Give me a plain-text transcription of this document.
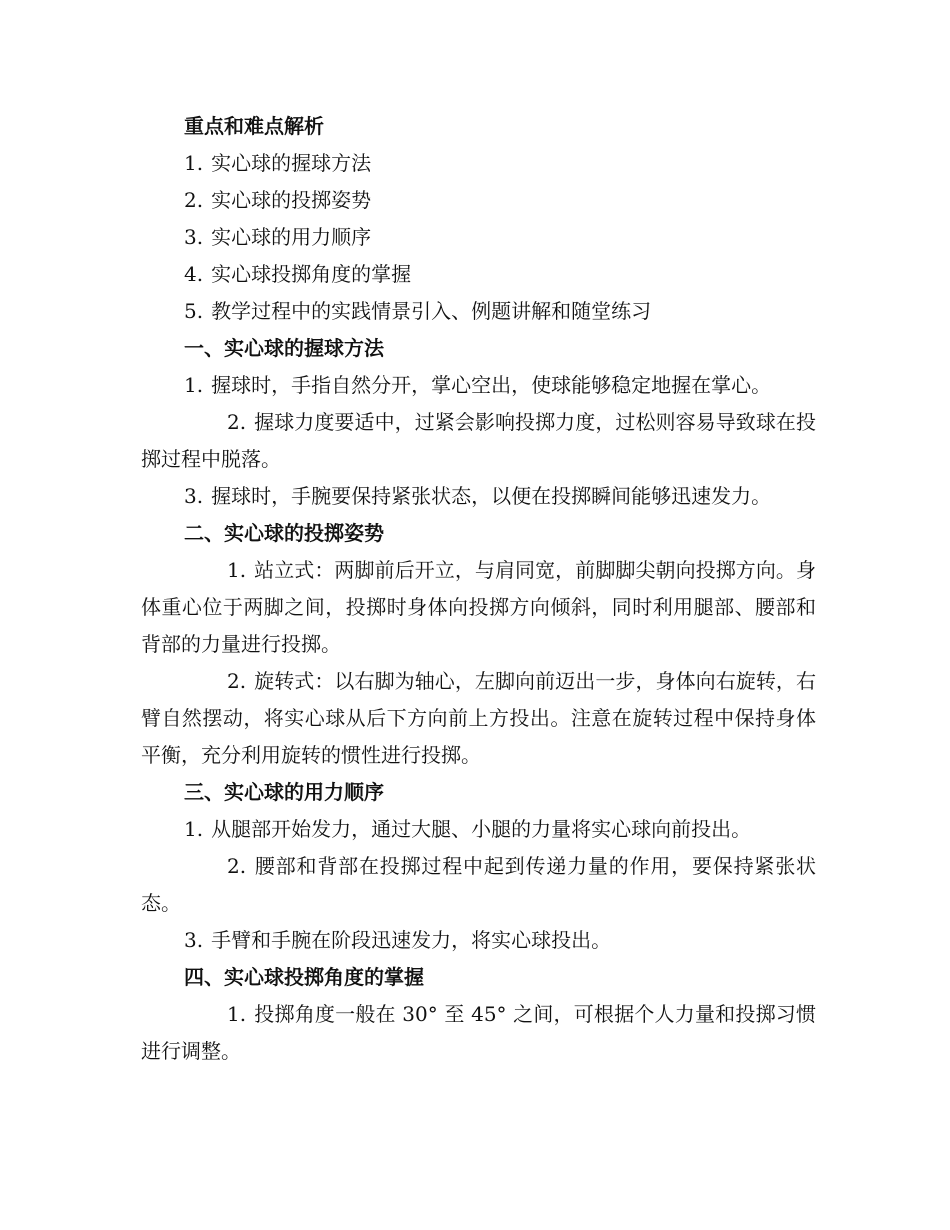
重点和难点解析

1. 实心球的握球方法

2. 实心球的投掷姿势

3. 实心球的用力顺序

4. 实心球投掷角度的掌握

5. 教学过程中的实践情景引入、例题讲解和随堂练习

一、实心球的握球方法

1. 握球时，手指自然分开，掌心空出，使球能够稳定地握在掌心。

2. 握球力度要适中，过紧会影响投掷力度，过松则容易导致球在投掷过程中脱落。

3. 握球时，手腕要保持紧张状态，以便在投掷瞬间能够迅速发力。

二、实心球的投掷姿势

1. 站立式：两脚前后开立，与肩同宽，前脚脚尖朝向投掷方向。身体重心位于两脚之间，投掷时身体向投掷方向倾斜，同时利用腿部、腰部和背部的力量进行投掷。

2. 旋转式：以右脚为轴心，左脚向前迈出一步，身体向右旋转，右臂自然摆动，将实心球从后下方向前上方投出。注意在旋转过程中保持身体平衡，充分利用旋转的惯性进行投掷。

三、实心球的用力顺序

1. 从腿部开始发力，通过大腿、小腿的力量将实心球向前投出。

2. 腰部和背部在投掷过程中起到传递力量的作用，要保持紧张状态。

3. 手臂和手腕在阶段迅速发力，将实心球投出。

四、实心球投掷角度的掌握

1. 投掷角度一般在 30° 至 45° 之间，可根据个人力量和投掷习惯进行调整。
